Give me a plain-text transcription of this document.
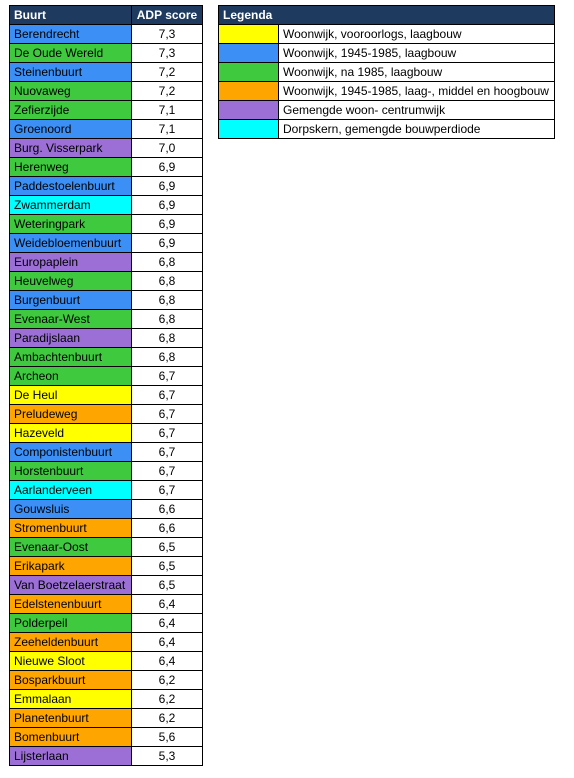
Buurt	ADP score
Berendrecht	7,3
De Oude Wereld	7,3
Steinenbuurt	7,2
Nuovaweg	7,2
Zefierzijde	7,1
Groenoord	7,1
Burg. Visserpark	7,0
Herenweg	6,9
Paddestoelenbuurt	6,9
Zwammerdam	6,9
Weteringpark	6,9
Weidebloemenbuurt	6,9
Europaplein	6,8
Heuvelweg	6,8
Burgenbuurt	6,8
Evenaar-West	6,8
Paradijslaan	6,8
Ambachtenbuurt	6,8
Archeon	6,7
De Heul	6,7
Preludeweg	6,7
Hazeveld	6,7
Componistenbuurt	6,7
Horstenbuurt	6,7
Aarlanderveen	6,7
Gouwsluis	6,6
Stromenbuurt	6,6
Evenaar-Oost	6,5
Erikapark	6,5
Van Boetzelaerstraat	6,5
Edelstenenbuurt	6,4
Polderpeil	6,4
Zeeheldenbuurt	6,4
Nieuwe Sloot	6,4
Bosparkbuurt	6,2
Emmalaan	6,2
Planetenbuurt	6,2
Bomenbuurt	5,6
Lijsterlaan	5,3
Legenda	
	Woonwijk, vooroorlogs, laagbouw
	Woonwijk, 1945-1985, laagbouw
	Woonwijk, na 1985, laagbouw
	Woonwijk, 1945-1985, laag-, middel en hoogbouw
	Gemengde woon- centrumwijk
	Dorpskern, gemengde bouwperdiode
